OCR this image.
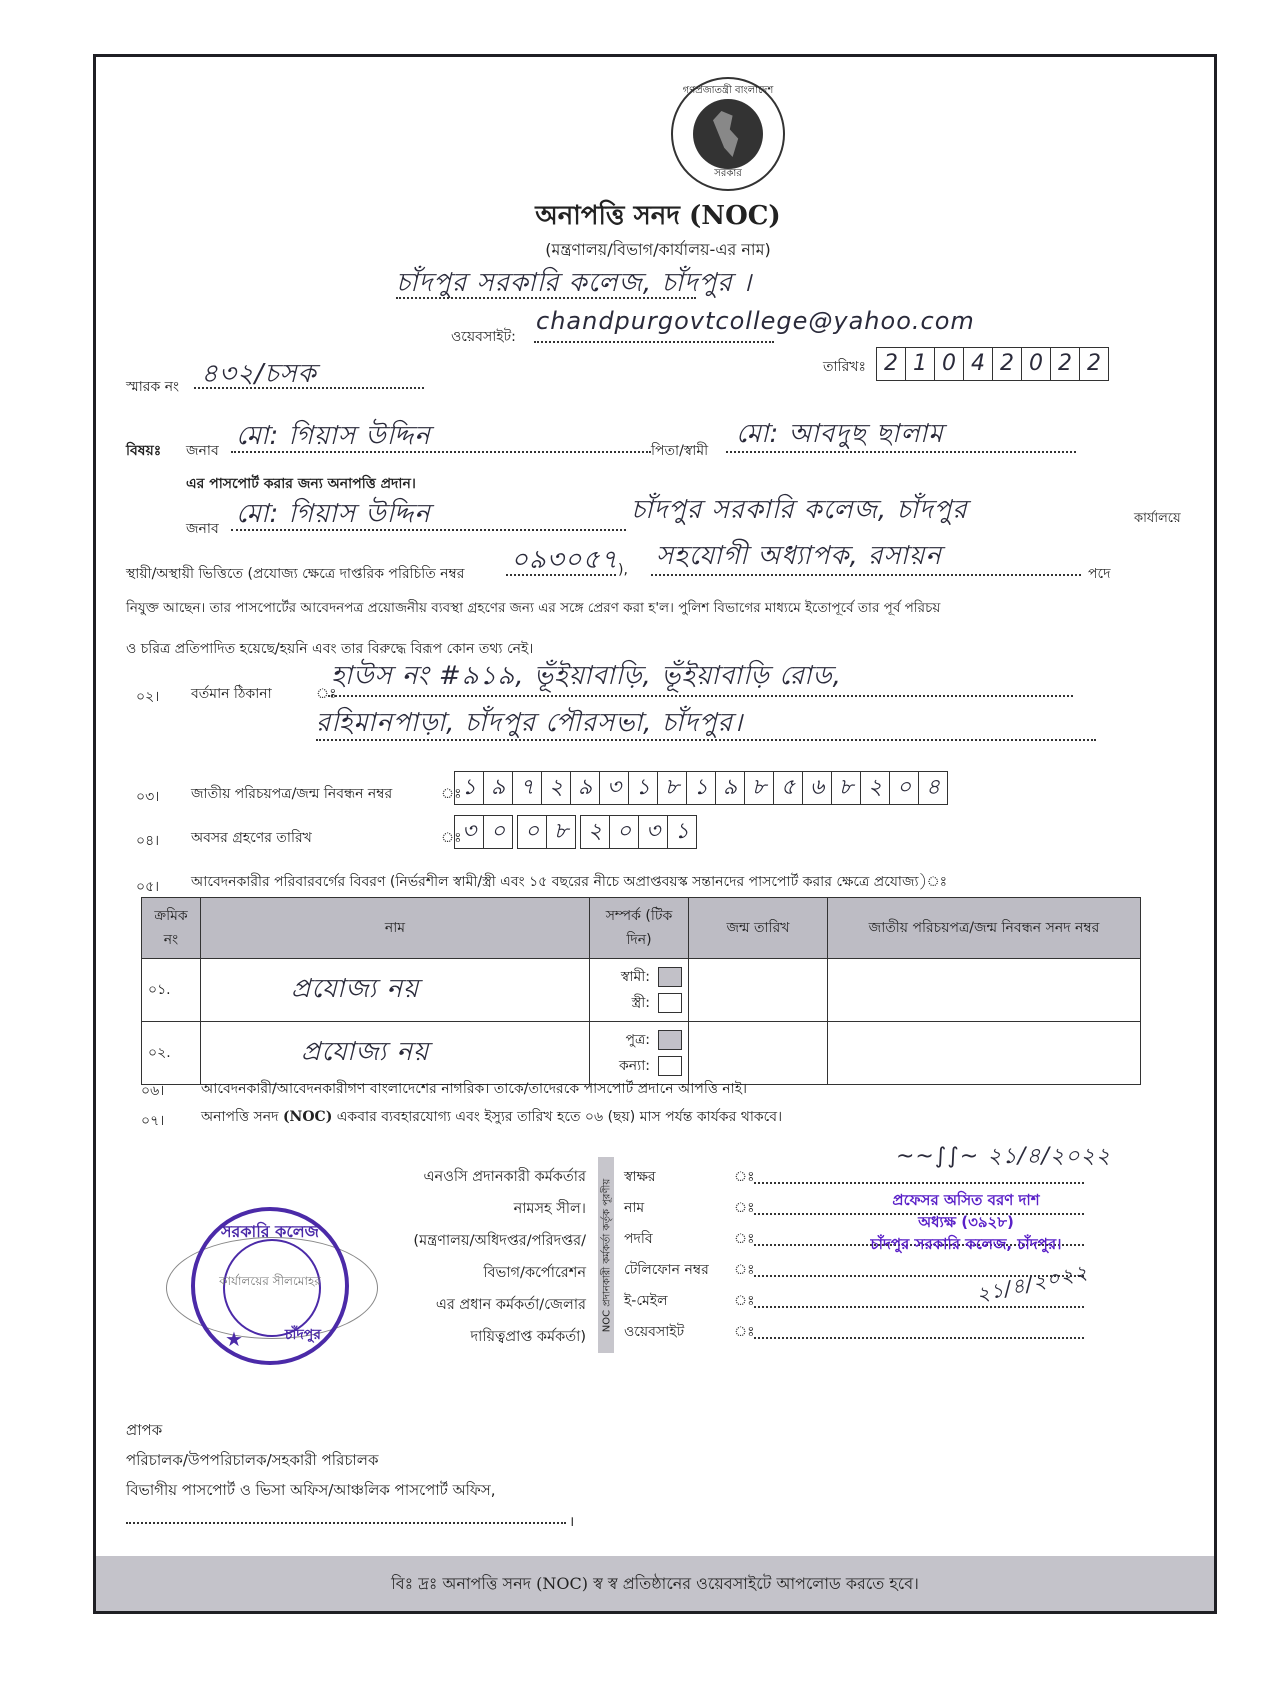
গণপ্রজাতন্ত্রী বাংলাদেশ
সরকার
অনাপত্তি সনদ (NOC)
(মন্ত্রণালয়/বিভাগ/কার্যালয়-এর নাম)
চাঁদপুর সরকারি কলেজ, চাঁদপুর ।
ওয়েবসাইট:
chandpurgovtcollege@yahoo.com
স্মারক নং ৪৩২/চসক	তারিখঃ 2 1 0 4 2 0 2 2
বিষয়ঃ জনাব মো: গিয়াস উদ্দিন	পিতা/স্বামী
মো: আবদুছ ছালাম
এর পাসপোর্ট করার জন্য অনাপত্তি প্রদান।
জনাব মো: গিয়াস উদ্দিন	চাঁদপুর সরকারি কলেজ, চাঁদপুর	কার্যালয়ে
স্থায়ী/অস্থায়ী ভিত্তিতে (প্রযোজ্য ক্ষেত্রে দাপ্তরিক পরিচিতি নম্বর ০৯৩০৫৭ ), সহযোগী অধ্যাপক, রসায়ন
পদে
নিযুক্ত আছেন। তার পাসপোর্টের আবেদনপত্র প্রয়োজনীয় ব্যবস্থা গ্রহণের জন্য এর সঙ্গে প্রেরণ করা হ'ল। পুলিশ বিভাগের মাধ্যমে ইতোপূর্বে তার পূর্ব পরিচয়
ও চরিত্র প্রতিপাদিত হয়েছে/হয়নি এবং তার বিরুদ্ধে বিরূপ কোন তথ্য নেই।
০২। বর্তমান ঠিকানা	ঃ
হাউস নং #৯১৯, ভূঁইয়াবাড়ি, ভূঁইয়াবাড়ি রোড,
রহিমানপাড়া, চাঁদপুর পৌরসভা, চাঁদপুর।
০৩। জাতীয় পরিচয়পত্র/জন্ম নিবন্ধন নম্বর	ঃ ১ ৯ ৭ ২ ৯ ৩ ১ ৮ ১ ৯ ৮ ৫ ৬ ৮ ২ ০ ৪
০৪। অবসর গ্রহণের তারিখ	ঃ ৩ ০ ০ ৮ ২ ০ ৩ ১
০৫। আবেদনকারীর পরিবারবর্গের বিবরণ (নির্ভরশীল স্বামী/স্ত্রী এবং ১৫ বছরের নীচে অপ্রাপ্তবয়স্ক সন্তানদের পাসপোর্ট করার ক্ষেত্রে প্রযোজ্য)ঃ
ক্রমিক নং	নাম	সম্পর্ক (টিক দিন)	জন্ম তারিখ	জাতীয় পরিচয়পত্র/জন্ম নিবন্ধন সনদ নম্বর
০১.	প্রযোজ্য নয়	স্বামী:
স্ত্রী:		

০২.	প্রযোজ্য নয়	পুত্র:
কন্যা:		

০৬।	আবেদনকারী/আবেদনকারীগণ বাংলাদেশের নাগরিক। তাকে/তাদেরকে পাসপোর্ট প্রদানে আপত্তি নাই।
০৭।	অনাপত্তি সনদ (NOC) একবার ব্যবহারযোগ্য এবং ইস্যুর তারিখ হতে ০৬ (ছয়) মাস পর্যন্ত কার্যকর থাকবে।
এনওসি প্রদানকারী কর্মকর্তার
নামসহ সীল।
(মন্ত্রণালয়/অধিদপ্তর/পরিদপ্তর/
বিভাগ/কর্পোরেশন
এর প্রধান কর্মকর্তা/জেলার
দায়িত্বপ্রাপ্ত কর্মকর্তা)
NOC প্রদানকারী কর্মকর্তা কর্তৃক পূরণীয়
স্বাক্ষর	ঃ
নাম	ঃ
পদবি	ঃ
টেলিফোন নম্বর	ঃ
ই-মেইল	ঃ
ওয়েবসাইট	ঃ
~~∫∫~ ২১/৪/২০২২
প্রফেসর অসিত বরণ দাশ
অধ্যক্ষ (৩৯২৮)
চাঁদপুর সরকারি কলেজ, চাঁদপুর।
২১/৪/২০২২
সরকারি কলেজ
কার্যালয়ের সীলমোহর
★	চাঁদপুর
প্রাপক
পরিচালক/উপপরিচালক/সহকারী পরিচালক
বিভাগীয় পাসপোর্ট ও ভিসা অফিস/আঞ্চলিক পাসপোর্ট অফিস,
।
বিঃ দ্রঃ অনাপত্তি সনদ (NOC) স্ব স্ব প্রতিষ্ঠানের ওয়েবসাইটে আপলোড করতে হবে।
